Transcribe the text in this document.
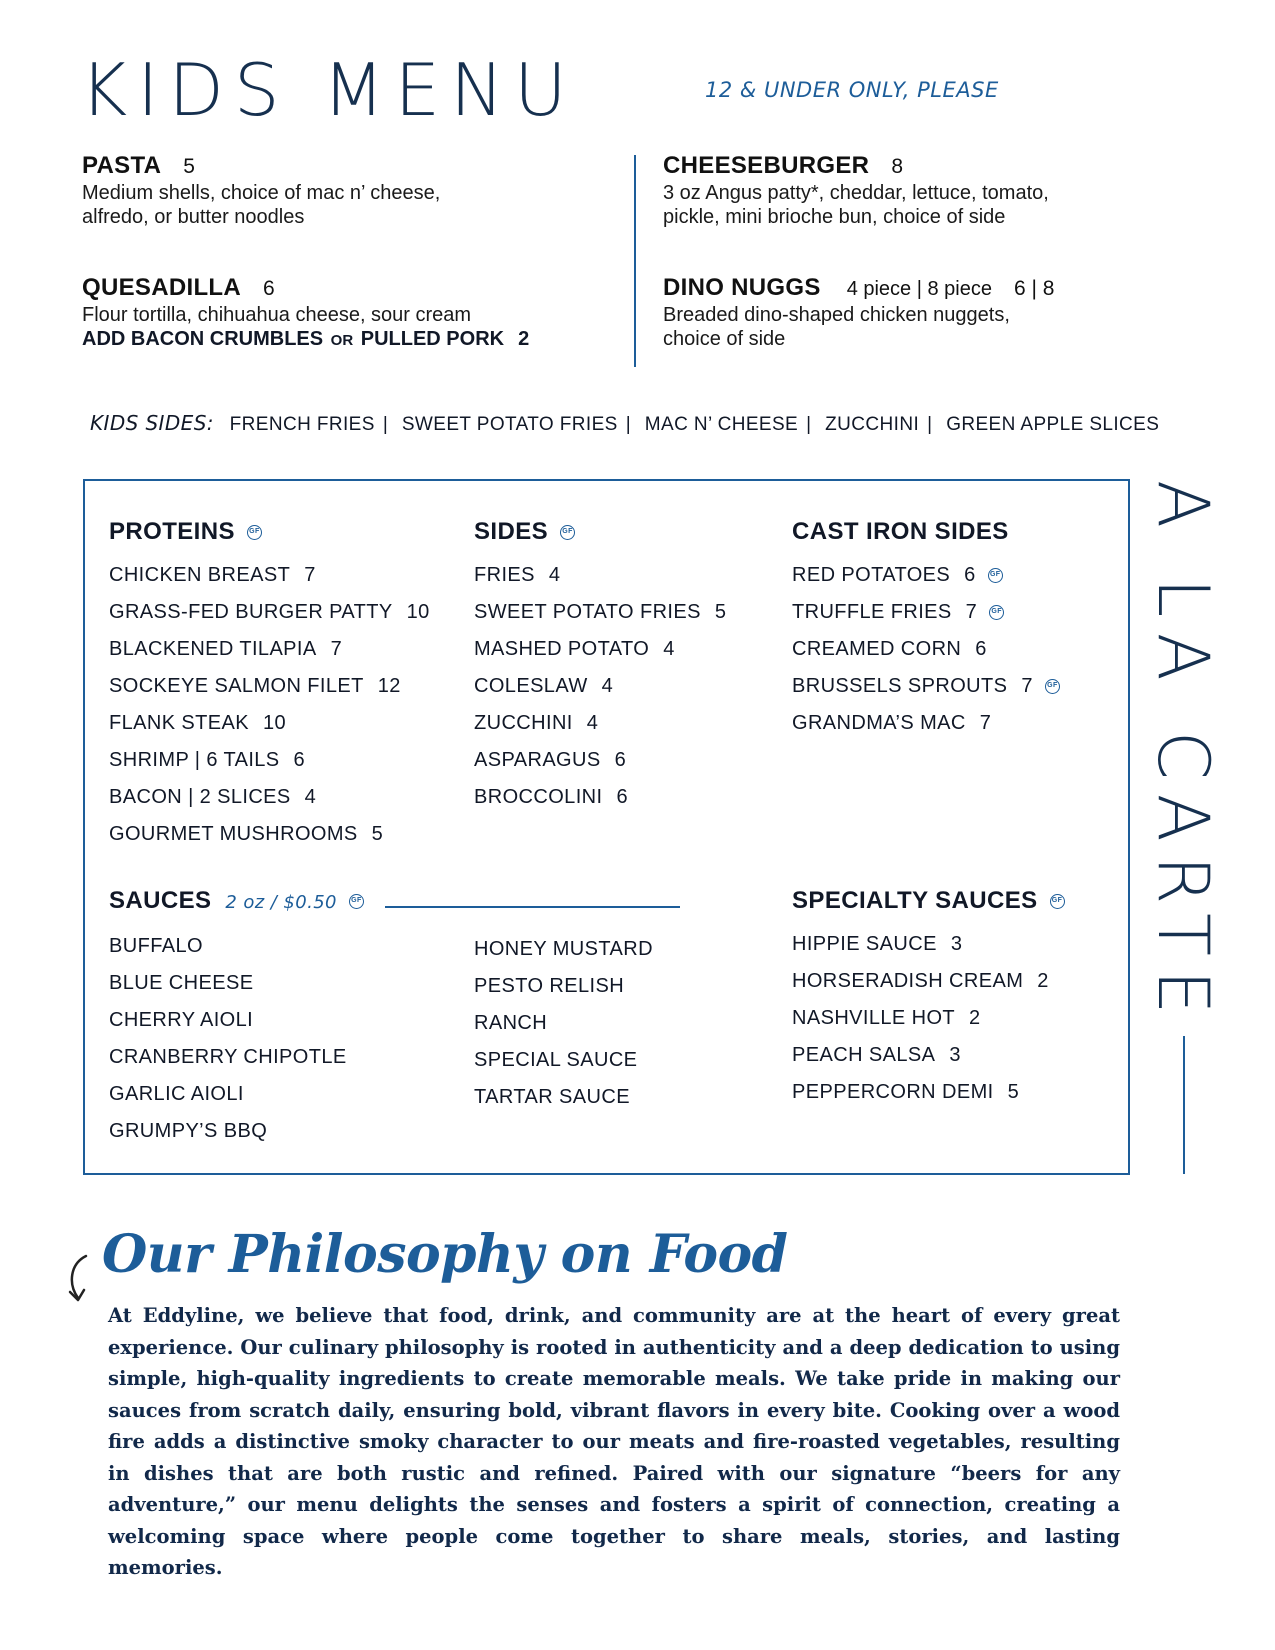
KIDS MENU	12 & UNDER ONLY, PLEASE
PASTA 5
Medium shells, choice of mac n’ cheese,
alfredo, or butter noodles
QUESADILLA 6
Flour tortilla, chihuahua cheese, sour cream
ADD BACON CRUMBLES OR PULLED PORK 2
CHEESEBURGER 8
3 oz Angus patty*, cheddar, lettuce, tomato,
pickle, mini brioche bun, choice of side
DINO NUGGS 4 piece | 8 piece 6 | 8
Breaded dino-shaped chicken nuggets,
choice of side
KIDS SIDES: FRENCH FRIES | SWEET POTATO FRIES | MAC N’ CHEESE | ZUCCHINI | GREEN APPLE SLICES
PROTEINS GF
CHICKEN BREAST 7
GRASS-FED BURGER PATTY 10
BLACKENED TILAPIA 7
SOCKEYE SALMON FILET 12
FLANK STEAK 10
SHRIMP | 6 TAILS 6
BACON | 2 SLICES 4
GOURMET MUSHROOMS 5
SIDES GF
FRIES 4
SWEET POTATO FRIES 5
MASHED POTATO 4
COLESLAW 4
ZUCCHINI 4
ASPARAGUS 6
BROCCOLINI 6
CAST IRON SIDES
RED POTATOES 6 GF
TRUFFLE FRIES 7 GF
CREAMED CORN 6
BRUSSELS SPROUTS 7 GF
GRANDMA’S MAC 7
SAUCES 2 oz / $0.50 GF
BUFFALO
BLUE CHEESE
CHERRY AIOLI
CRANBERRY CHIPOTLE
GARLIC AIOLI
GRUMPY’S BBQ
HONEY MUSTARD
PESTO RELISH
RANCH
SPECIAL SAUCE
TARTAR SAUCE
SPECIALTY SAUCES GF
HIPPIE SAUCE 3
HORSERADISH CREAM 2
NASHVILLE HOT 2
PEACH SALSA 3
PEPPERCORN DEMI 5
A LA CARTE
Our Philosophy on Food
At Eddyline, we believe that food, drink, and community are at the heart of every great experience. Our culinary philosophy is rooted in authenticity and a deep dedication to using simple, high-quality ingredients to create memorable meals. We take pride in making our sauces from scratch daily, ensuring bold, vibrant flavors in every bite. Cooking over a wood fire adds a distinctive smoky character to our meats and fire-roasted vegetables, resulting in dishes that are both rustic and refined. Paired with our signature “beers for any adventure,” our menu delights the senses and fosters a spirit of connection, creating a welcoming space where people come together to share meals, stories, and lasting memories.
